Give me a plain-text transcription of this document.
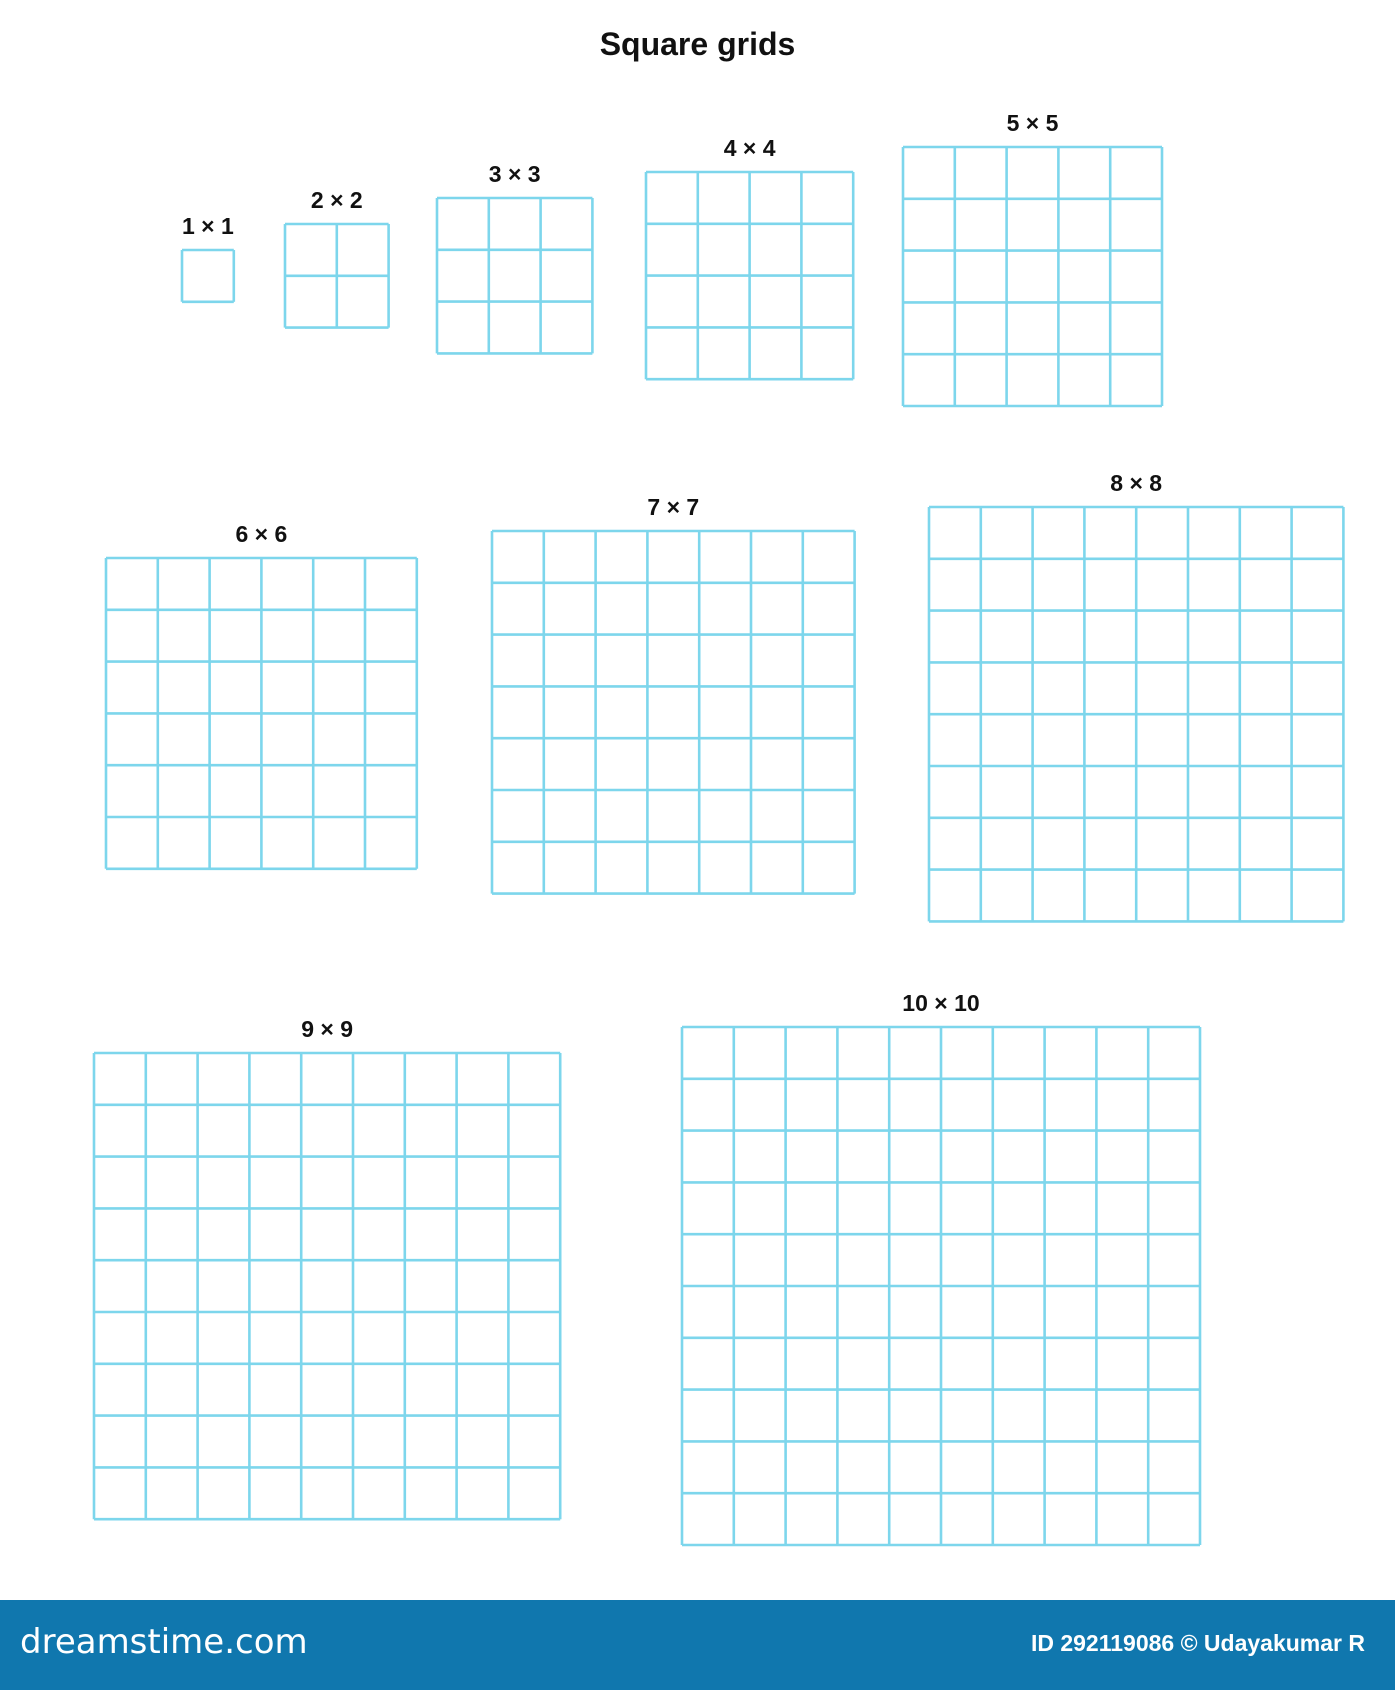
Square grids
1 × 1
2 × 2
3 × 3
4 × 4
5 × 5
6 × 6
7 × 7
8 × 8
9 × 9
10 × 10
dreamstime.com	ID 292119086 © Udayakumar R
